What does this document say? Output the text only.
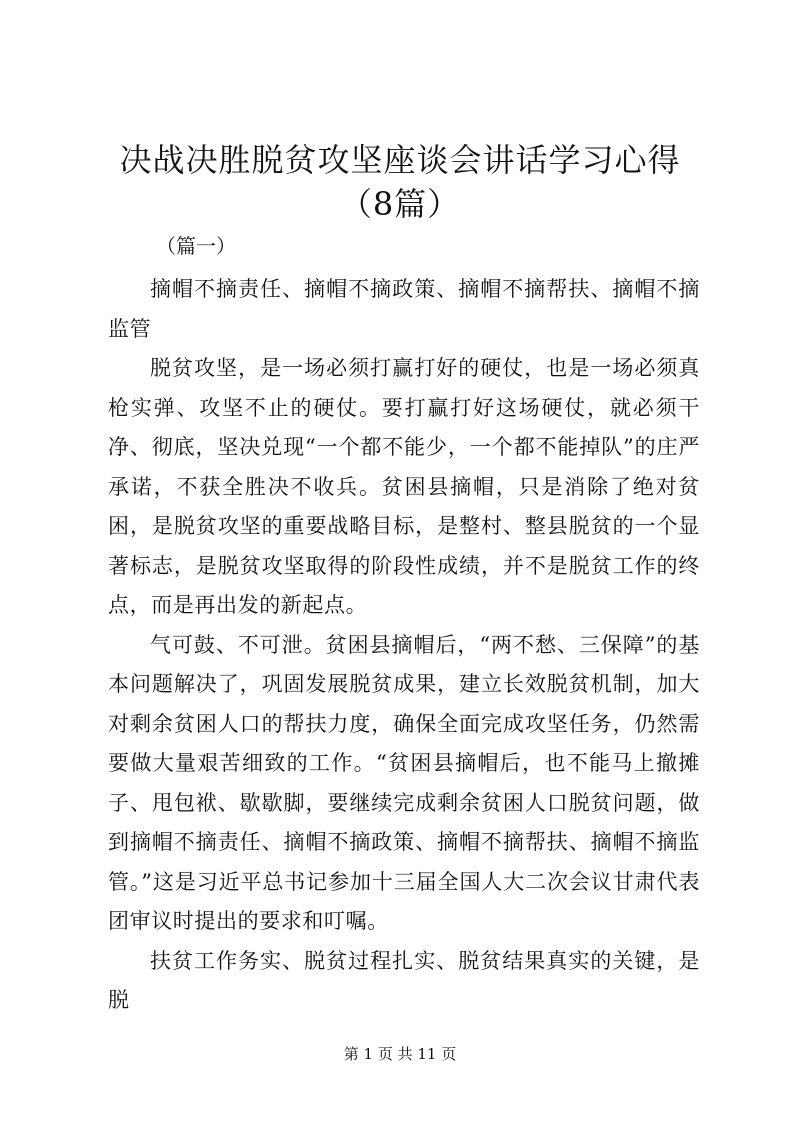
决战决胜脱贫攻坚座谈会讲话学习心得（8篇）

（篇一）

摘帽不摘责任、摘帽不摘政策、摘帽不摘帮扶、摘帽不摘监管

脱贫攻坚，是一场必须打赢打好的硬仗，也是一场必须真枪实弹、攻坚不止的硬仗。要打赢打好这场硬仗，就必须干净、彻底，坚决兑现“一个都不能少，一个都不能掉队”的庄严承诺，不获全胜决不收兵。贫困县摘帽，只是消除了绝对贫困，是脱贫攻坚的重要战略目标，是整村、整县脱贫的一个显著标志，是脱贫攻坚取得的阶段性成绩，并不是脱贫工作的终点，而是再出发的新起点。

气可鼓、不可泄。贫困县摘帽后，“两不愁、三保障”的基本问题解决了，巩固发展脱贫成果，建立长效脱贫机制，加大对剩余贫困人口的帮扶力度，确保全面完成攻坚任务，仍然需要做大量艰苦细致的工作。“贫困县摘帽后，也不能马上撤摊子、甩包袱、歇歇脚，要继续完成剩余贫困人口脱贫问题，做到摘帽不摘责任、摘帽不摘政策、摘帽不摘帮扶、摘帽不摘监管。”这是习近平总书记参加十三届全国人大二次会议甘肃代表团审议时提出的要求和叮嘱。

扶贫工作务实、脱贫过程扎实、脱贫结果真实的关键，是脱

第 1 页 共 11 页
